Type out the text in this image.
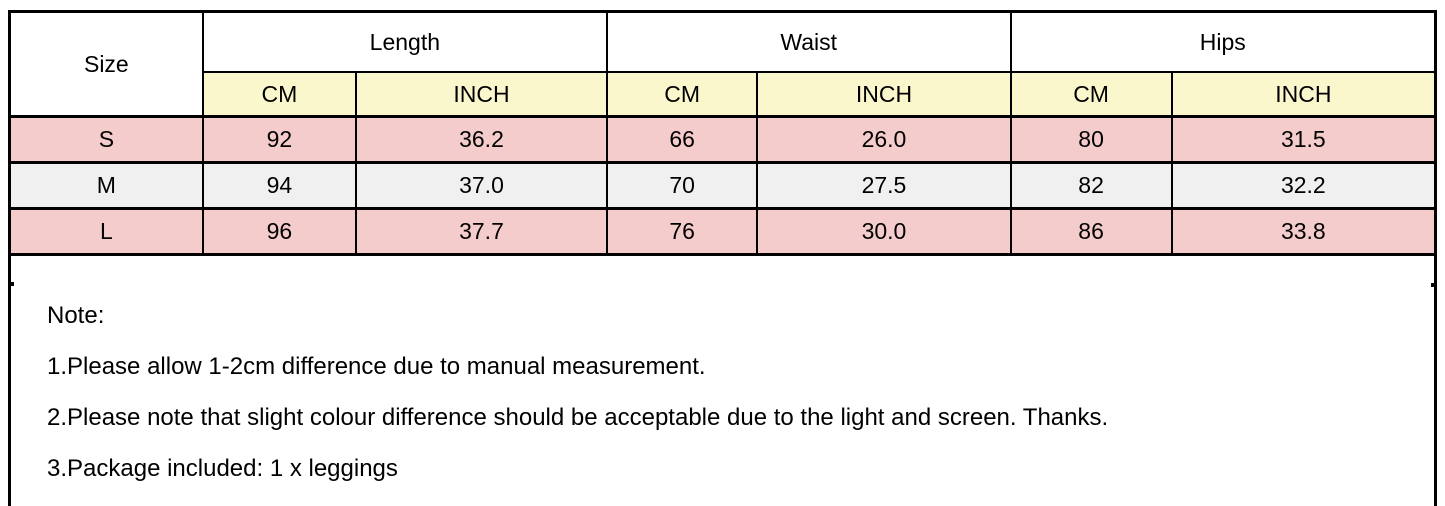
Size	Length		Waist		Hips	
	CM	INCH	CM	INCH	CM	INCH
S	92	36.2	66	26.0	80	31.5
M	94	37.0	70	27.5	82	32.2
L	96	37.7	76	30.0	86	33.8

Note:

1.Please allow 1-2cm difference due to manual measurement.

2.Please note that slight colour difference should be acceptable due to the light and screen. Thanks.

3.Package included: 1 x leggings						
